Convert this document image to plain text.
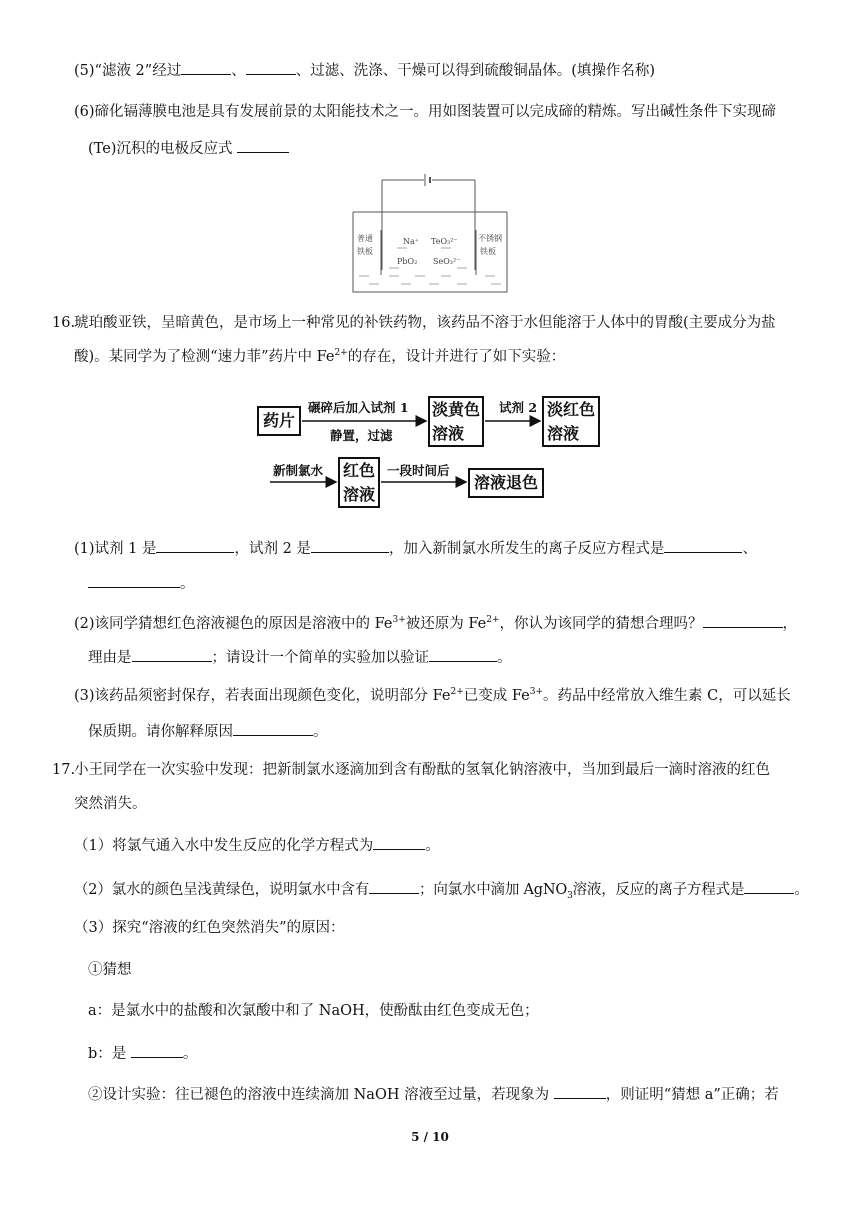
(5)“滤液 2”经过	、	、过滤、洗涤、干燥可以得到硫酸铜晶体。(填操作名称)
(6)碲化镉薄膜电池是具有发展前景的太阳能技术之一。用如图装置可以完成碲的精炼。写出碱性条件下实现碲
(Te)沉积的电极反应式
普通
铁板
不锈钢
铁板
Na⁺ TeO₃²⁻
PbO₂ SeO₃²⁻
16.
琥珀酸亚铁，呈暗黄色，是市场上一种常见的补铁药物，该药品不溶于水但能溶于人体中的胃酸(主要成分为盐
酸)。某同学为了检测“速力菲”药片中 $Fe^{2+}$的存在，设计并进行了如下实验：
药片
碾碎后加入试剂 1
静置，过滤
淡黄色
溶液
试剂 2 淡红色
溶液
新制氯水 红色
溶液
一段时间后
溶液退色
(1)试剂 1 是	，试剂 2 是	，加入新制氯水所发生的离子反应方程式是	、
。
(2)该同学猜想红色溶液褪色的原因是溶液中的 $Fe^{3+}$被还原为 $Fe^{2+}$，你认为该同学的猜想合理吗？	，
理由是	；请设计一个简单的实验加以验证	。
(3)该药品须密封保存，若表面出现颜色变化，说明部分 $Fe^{2+}$已变成 $Fe^{3+}$。药品中经常放入维生素 C，可以延长
保质期。请你解释原因	。
17.
小王同学在一次实验中发现：把新制氯水逐滴加到含有酚酞的氢氧化钠溶液中，当加到最后一滴时溶液的红色
突然消失。
（1）将氯气通入水中发生反应的化学方程式为	。
（2）氯水的颜色呈浅黄绿色，说明氯水中含有	；向氯水中滴加 AgNO$_3$溶液，反应的离子方程式是	。
（3）探究“溶液的红色突然消失”的原因：
①猜想
a：是氯水中的盐酸和次氯酸中和了 NaOH，使酚酞由红色变成无色；
b：是	。
②设计实验：往已褪色的溶液中连续滴加 NaOH 溶液至过量，若现象为	，则证明“猜想 a”正确；若
5 / 10
